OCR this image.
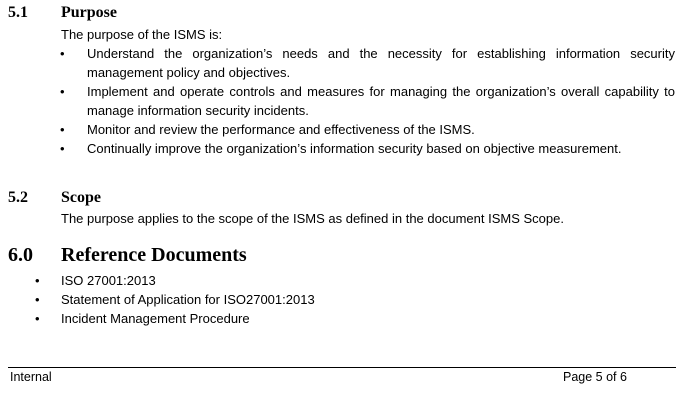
5.1	Purpose
The purpose of the ISMS is:
• Understand the organization’s needs and the necessity for establishing information security management policy and objectives.
• Implement and operate controls and measures for managing the organization’s overall capability to manage information security incidents.
• Monitor and review the performance and effectiveness of the ISMS.
• Continually improve the organization’s information security based on objective measurement.
5.2	Scope
The purpose applies to the scope of the ISMS as defined in the document ISMS Scope.
6.0	Reference Documents
• ISO 27001:2013
• Statement of Application for ISO27001:2013
• Incident Management Procedure
Internal	Page 5 of 6
